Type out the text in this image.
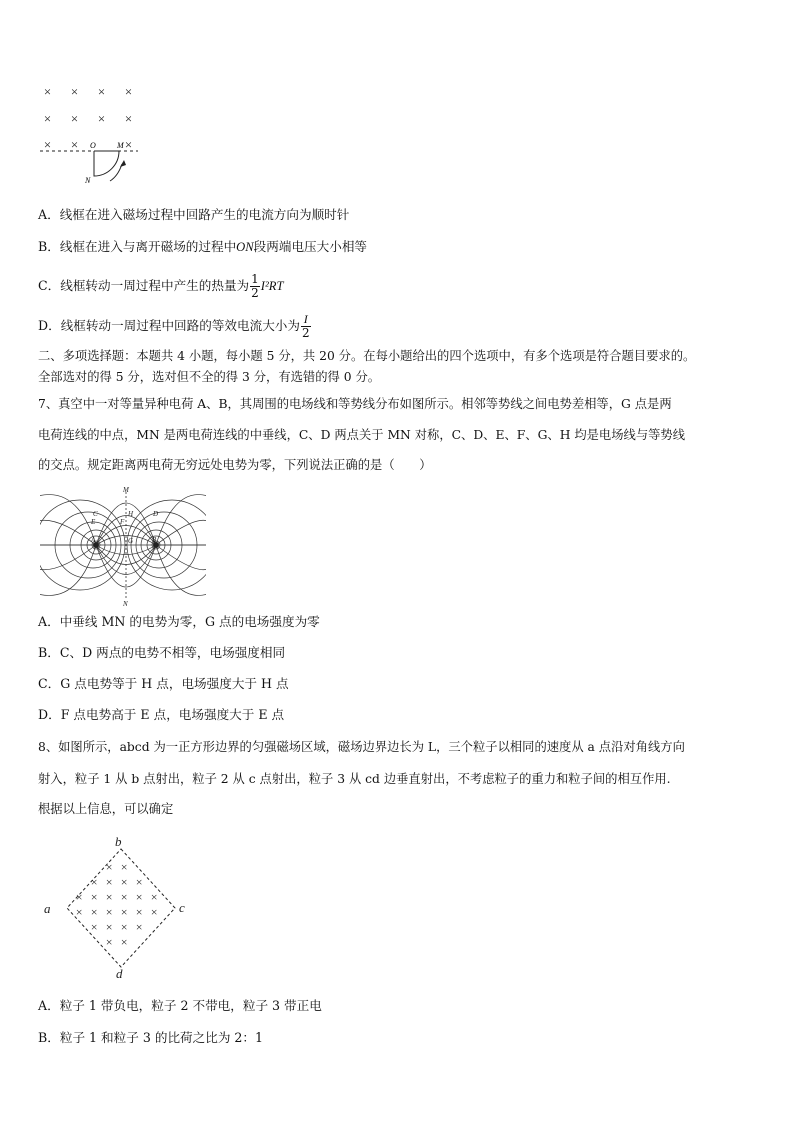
× × × ×
× × × ×
× ×	×
O	M
N
A．线框在进入磁场过程中回路产生的电流方向为顺时针
B．线框在进入与离开磁场的过程中ON段两端电压大小相等
C．线框转动一周过程中产生的热量为 $\frac{1}{2} I^2RT$
D．线框转动一周过程中回路的等效电流大小为 $\frac{I}{2}$
二、多项选择题：本题共 4 小题，每小题 5 分，共 20 分。在每小题给出的四个选项中，有多个选项是符合题目要求的。
全部选对的得 5 分，选对但不全的得 3 分，有选错的得 0 分。
7、真空中一对等量异种电荷 A、B，其周围的电场线和等势线分布如图所示。相邻等势线之间电势差相等，G 点是两
电荷连线的中点，MN 是两电荷连线的中垂线，C、D 两点关于 MN 对称，C、D、E、F、G、H 均是电场线与等势线
的交点。规定距离两电荷无穷远处电势为零，下列说法正确的是（　　）
M
N
A	B
C	D
E	F
G
H
A．中垂线 MN 的电势为零，G 点的电场强度为零
B．C、D 两点的电势不相等，电场强度相同
C．G 点电势等于 H 点，电场强度大于 H 点
D．F 点电势高于 E 点，电场强度大于 E 点
8、如图所示，abcd 为一正方形边界的匀强磁场区域，磁场边界边长为 L，三个粒子以相同的速度从 a 点沿对角线方向
射入，粒子 1 从 b 点射出，粒子 2 从 c 点射出，粒子 3 从 cd 边垂直射出，不考虑粒子的重力和粒子间的相互作用.
根据以上信息，可以确定
× ×
× × × ×
× × × × × ×
× × × × × ×
× × × ×
× ×
b
c
d
a
A．粒子 1 带负电，粒子 2 不带电，粒子 3 带正电
B．粒子 1 和粒子 3 的比荷之比为 2：1
